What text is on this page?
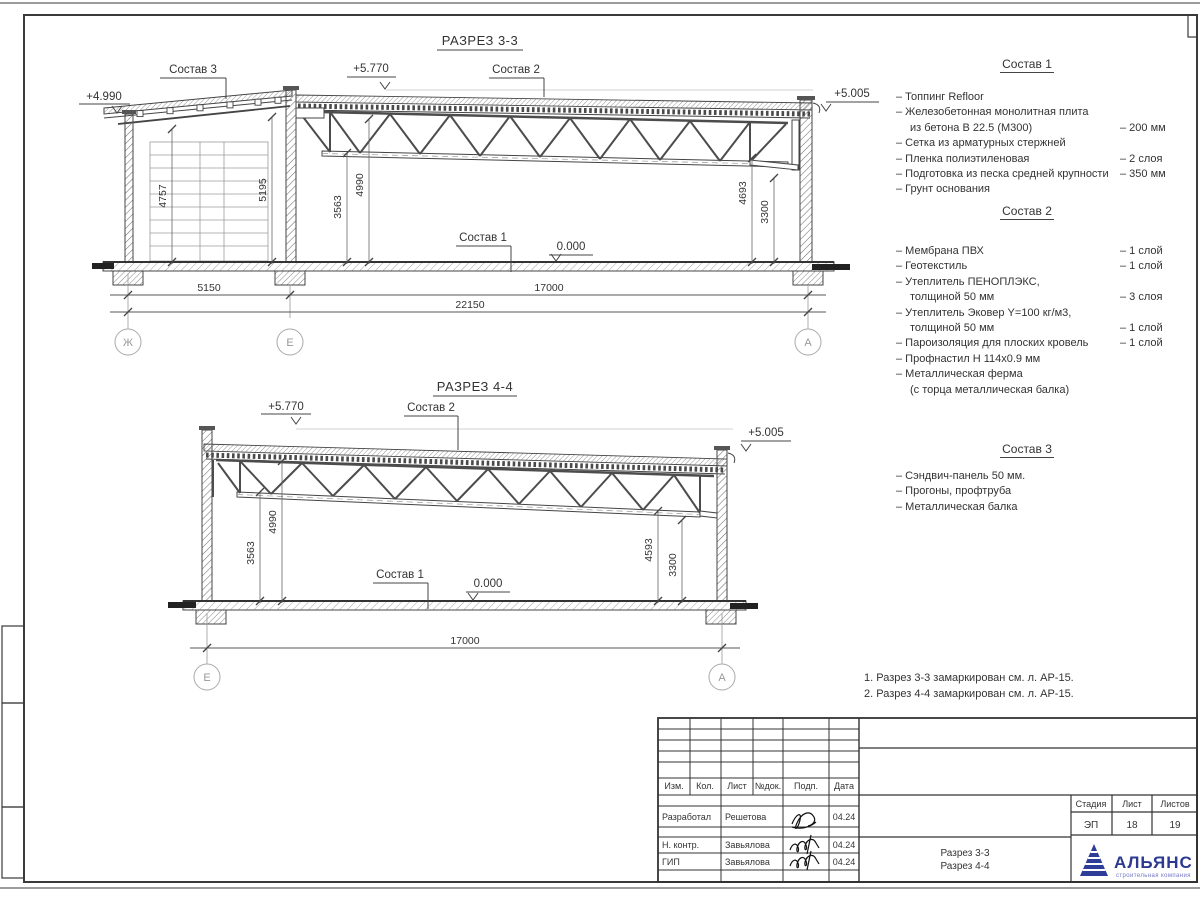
РАЗРЕЗ 3-3
4757	5195
3563
4990	4693
3300
+4.990
Состав 3	+5.770	Состав 2
+5.005
Состав 1
0.000
5150	17000
22150
Ж	Е	А
РАЗРЕЗ 4-4
3563
4990
4593
3300
+5.770	Состав 2
+5.005
Состав 1
0.000
17000
Е	А
Изм. Кол. Лист №док. Подп. Дата
Разработал Решетова	04.24
Н. контр.	Завьялова	04.24
ГИП	Завьялова	04.24
Разрез 3-3
Разрез 4-4
Стадия Лист Листов
ЭП	18	19
АЛЬЯНС
строительная компания
Состав 1
– Топпинг Refloor
– Железобетонная монолитная плита
из бетона В 22.5 (М300)	– 200 мм
– Сетка из арматурных стержней
– Пленка полиэтиленовая	– 2 слоя
– Подготовка из песка средней крупности – 350 мм
– Грунт основания
Состав 2
– Мембрана ПВХ	– 1 слой
– Геотекстиль	– 1 слой
– Утеплитель ПЕНОПЛЭКС,
толщиной 50 мм	– 3 слоя
– Утеплитель Эковер Y=100 кг/м3,
толщиной 50 мм	– 1 слой
– Пароизоляция для плоских кровель	– 1 слой
– Профнастил Н 114х0.9 мм
– Металлическая ферма
(с торца металлическая балка)
Состав 3
– Сэндвич-панель 50 мм.
– Прогоны, профтруба
– Металлическая балка
1. Разрез 3-3 замаркирован см. л. АР-15.
2. Разрез 4-4 замаркирован см. л. АР-15.
